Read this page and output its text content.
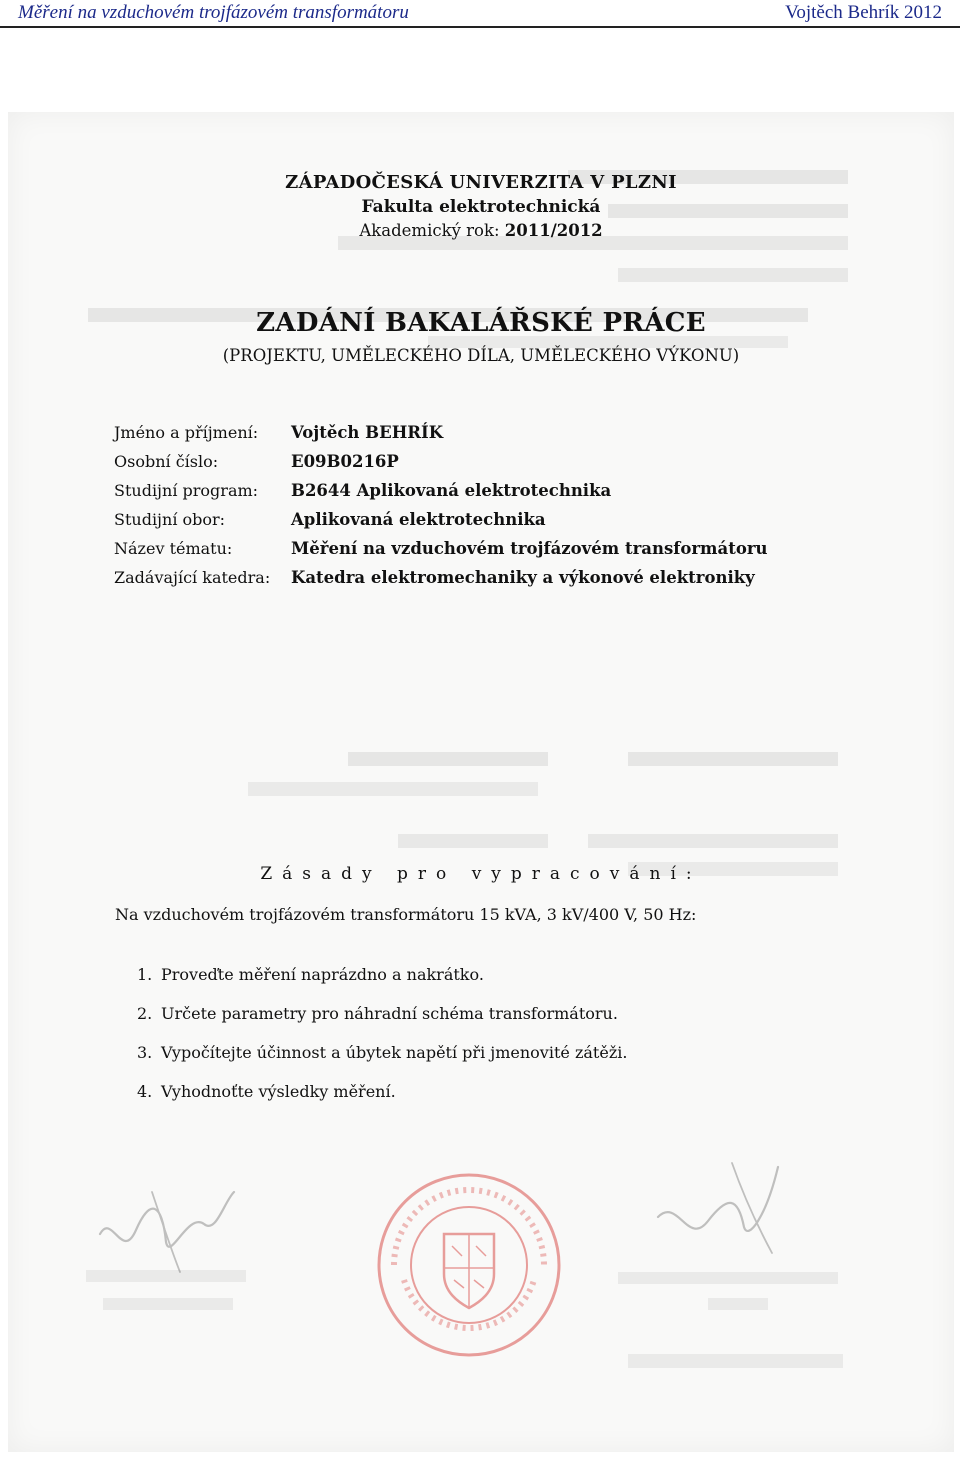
Měření na vzduchovém trojfázovém transformátoru	Vojtěch Behrík 2012
ZÁPADOČESKÁ UNIVERZITA V PLZNI
Fakulta elektrotechnická
Akademický rok: 2011/2012
ZADÁNÍ BAKALÁŘSKÉ PRÁCE
(PROJEKTU, UMĚLECKÉHO DÍLA, UMĚLECKÉHO VÝKONU)
Jméno a příjmení:	Vojtěch BEHRÍK
Osobní číslo:	E09B0216P
Studijní program:	B2644 Aplikovaná elektrotechnika
Studijní obor:	Aplikovaná elektrotechnika
Název tématu:	Měření na vzduchovém trojfázovém transformátoru
Zadávající katedra:	Katedra elektromechaniky a výkonové elektroniky
Zásady pro vypracování:
Na vzduchovém trojfázovém transformátoru 15 kVA, 3 kV/400 V, 50 Hz:
1. Proveďte měření naprázdno a nakrátko.
2. Určete parametry pro náhradní schéma transformátoru.
3. Vypočítejte účinnost a úbytek napětí při jmenovité zátěži.
4. Vyhodnoťte výsledky měření.
